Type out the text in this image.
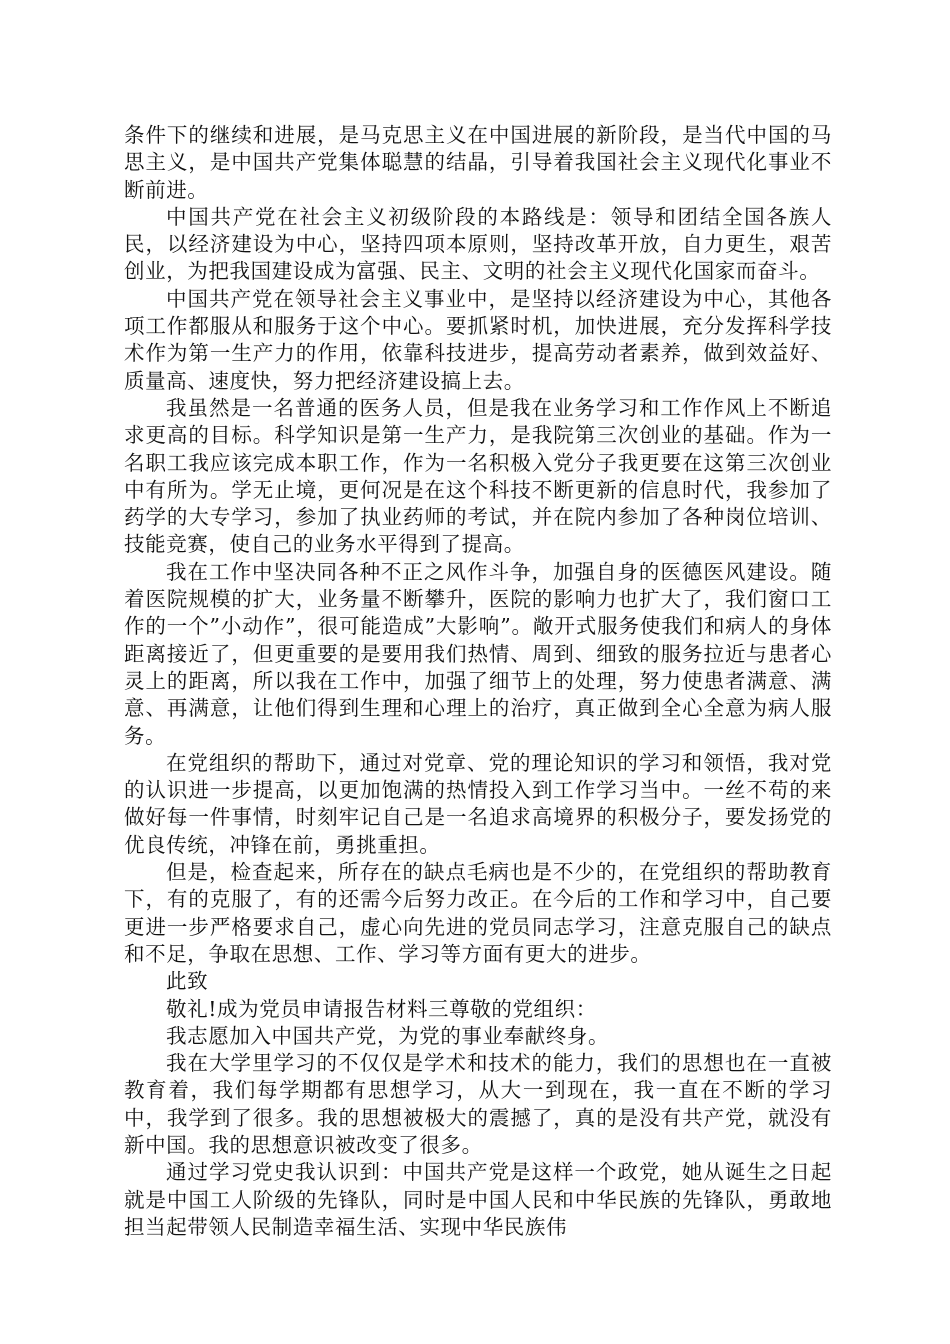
条件下的继续和进展，是马克思主义在中国进展的新阶段，是当代中国的马思主义，是中国共产党集体聪慧的结晶，引导着我国社会主义现代化事业不断前进。

中国共产党在社会主义初级阶段的本路线是：领导和团结全国各族人民，以经济建设为中心，坚持四项本原则，坚持改革开放，自力更生，艰苦创业，为把我国建设成为富强、民主、文明的社会主义现代化国家而奋斗。

中国共产党在领导社会主义事业中，是坚持以经济建设为中心，其他各项工作都服从和服务于这个中心。要抓紧时机，加快进展，充分发挥科学技术作为第一生产力的作用，依靠科技进步，提高劳动者素养，做到效益好、质量高、速度快，努力把经济建设搞上去。

我虽然是一名普通的医务人员，但是我在业务学习和工作作风上不断追求更高的目标。科学知识是第一生产力，是我院第三次创业的基础。作为一名职工我应该完成本职工作，作为一名积极入党分子我更要在这第三次创业中有所为。学无止境，更何况是在这个科技不断更新的信息时代，我参加了药学的大专学习，参加了执业药师的考试，并在院内参加了各种岗位培训、技能竞赛，使自己的业务水平得到了提高。

我在工作中坚决同各种不正之风作斗争，加强自身的医德医风建设。随着医院规模的扩大，业务量不断攀升，医院的影响力也扩大了，我们窗口工作的一个”小动作”，很可能造成”大影响”。敞开式服务使我们和病人的身体距离接近了，但更重要的是要用我们热情、周到、细致的服务拉近与患者心灵上的距离，所以我在工作中，加强了细节上的处理，努力使患者满意、满意、再满意，让他们得到生理和心理上的治疗，真正做到全心全意为病人服务。

在党组织的帮助下，通过对党章、党的理论知识的学习和领悟，我对党的认识进一步提高，以更加饱满的热情投入到工作学习当中。一丝不苟的来做好每一件事情，时刻牢记自己是一名追求高境界的积极分子，要发扬党的优良传统，冲锋在前，勇挑重担。

但是，检查起来，所存在的缺点毛病也是不少的，在党组织的帮助教育下，有的克服了，有的还需今后努力改正。在今后的工作和学习中，自己要更进一步严格要求自己，虚心向先进的党员同志学习，注意克服自己的缺点和不足，争取在思想、工作、学习等方面有更大的进步。

此致

敬礼!成为党员申请报告材料三尊敬的党组织：

我志愿加入中国共产党，为党的事业奉献终身。

我在大学里学习的不仅仅是学术和技术的能力，我们的思想也在一直被教育着，我们每学期都有思想学习，从大一到现在，我一直在不断的学习中，我学到了很多。我的思想被极大的震撼了，真的是没有共产党，就没有新中国。我的思想意识被改变了很多。

通过学习党史我认识到：中国共产党是这样一个政党，她从诞生之日起就是中国工人阶级的先锋队，同时是中国人民和中华民族的先锋队，勇敢地担当起带领人民制造幸福生活、实现中华民族伟
